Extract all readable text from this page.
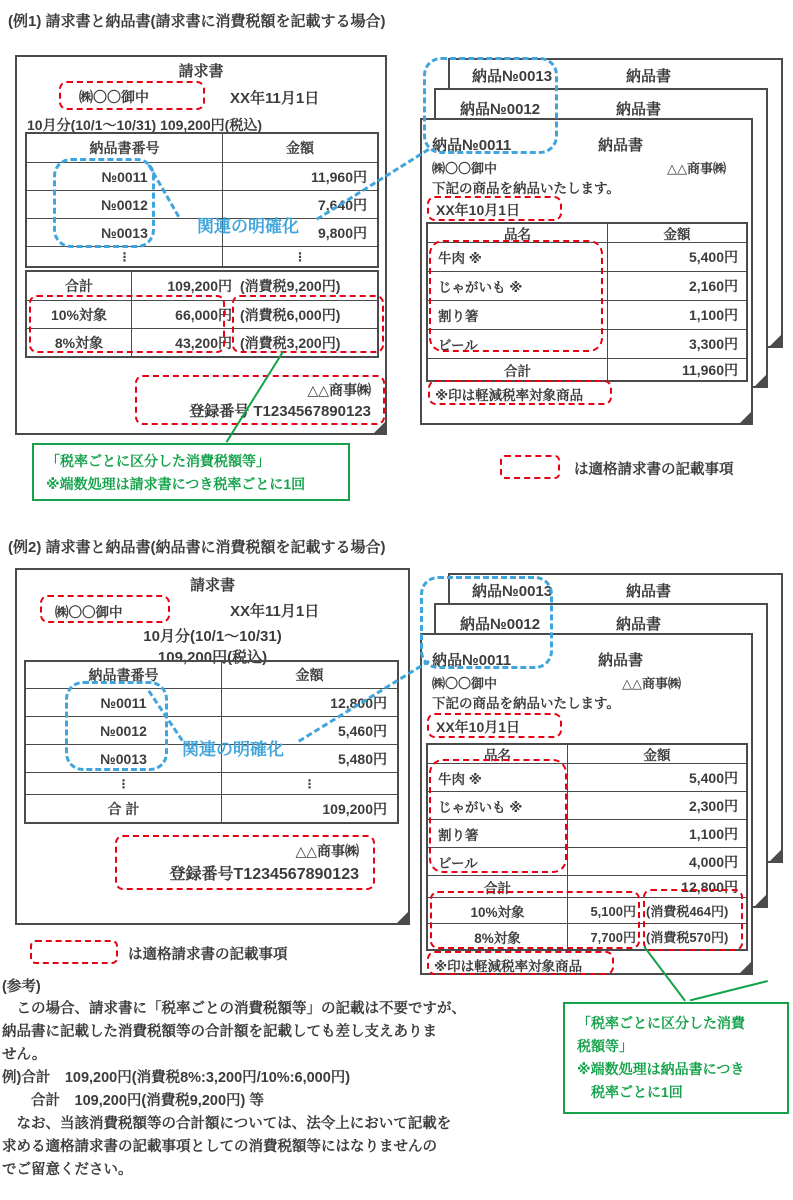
(例1) 請求書と納品書(請求書に消費税額を記載する場合)
請求書
㈱〇〇御中	XX年11月1日
10月分(10/1〜10/31) 109,200円(税込)
納品書番号	金額
№0011	11,960円
№0012	7,640円
№0013	9,800円
⋮	⋮
合計	109,200円 (消費税9,200円)
10%対象	66,000円 (消費税6,000円)
8%対象	43,200円 (消費税3,200円)
△△商事㈱
登録番号 T1234567890123
納品№0013	納品書
納品№0012	納品書
納品№0011	納品書
㈱〇〇御中	△△商事㈱
下記の商品を納品いたします。
XX年10月1日
品名	金額
牛肉 ※	5,400円
じゃがいも ※	2,160円
割り箸	1,100円
ビール	3,300円
合計	11,960円
※印は軽減税率対象商品
関連の明確化
「税率ごとに区分した消費税額等」
※端数処理は請求書につき税率ごとに1回
は適格請求書の記載事項
(例2) 請求書と納品書(納品書に消費税額を記載する場合)
請求書
㈱〇〇御中	XX年11月1日
10月分(10/1〜10/31)
109,200円(税込)
納品書番号	金額
№0011	12,800円
№0012	5,460円
№0013	5,480円
⋮	⋮
合 計	109,200円
△△商事㈱
登録番号T1234567890123
納品№0013	納品書
納品№0012	納品書
納品№0011	納品書
㈱〇〇御中	△△商事㈱
下記の商品を納品いたします。
XX年10月1日
品名	金額
牛肉 ※	5,400円
じゃがいも ※	2,300円
割り箸	1,100円
ビール	4,000円
合計	12,800円
10%対象	5,100円 (消費税464円)
8%対象	7,700円 (消費税570円)
※印は軽減税率対象商品
関連の明確化
は適格請求書の記載事項
「税率ごとに区分した消費
税額等」
※端数処理は納品書につき
　税率ごとに1回
(参考)
　この場合、請求書に「税率ごとの消費税額等」の記載は不要ですが、
納品書に記載した消費税額等の合計額を記載しても差し支えありま
せん。
例)合計　109,200円(消費税8%:3,200円/10%:6,000円)
　　合計　109,200円(消費税9,200円) 等
　なお、当該消費税額等の合計額については、法令上において記載を
求める適格請求書の記載事項としての消費税額等にはなりませんの
でご留意ください。
